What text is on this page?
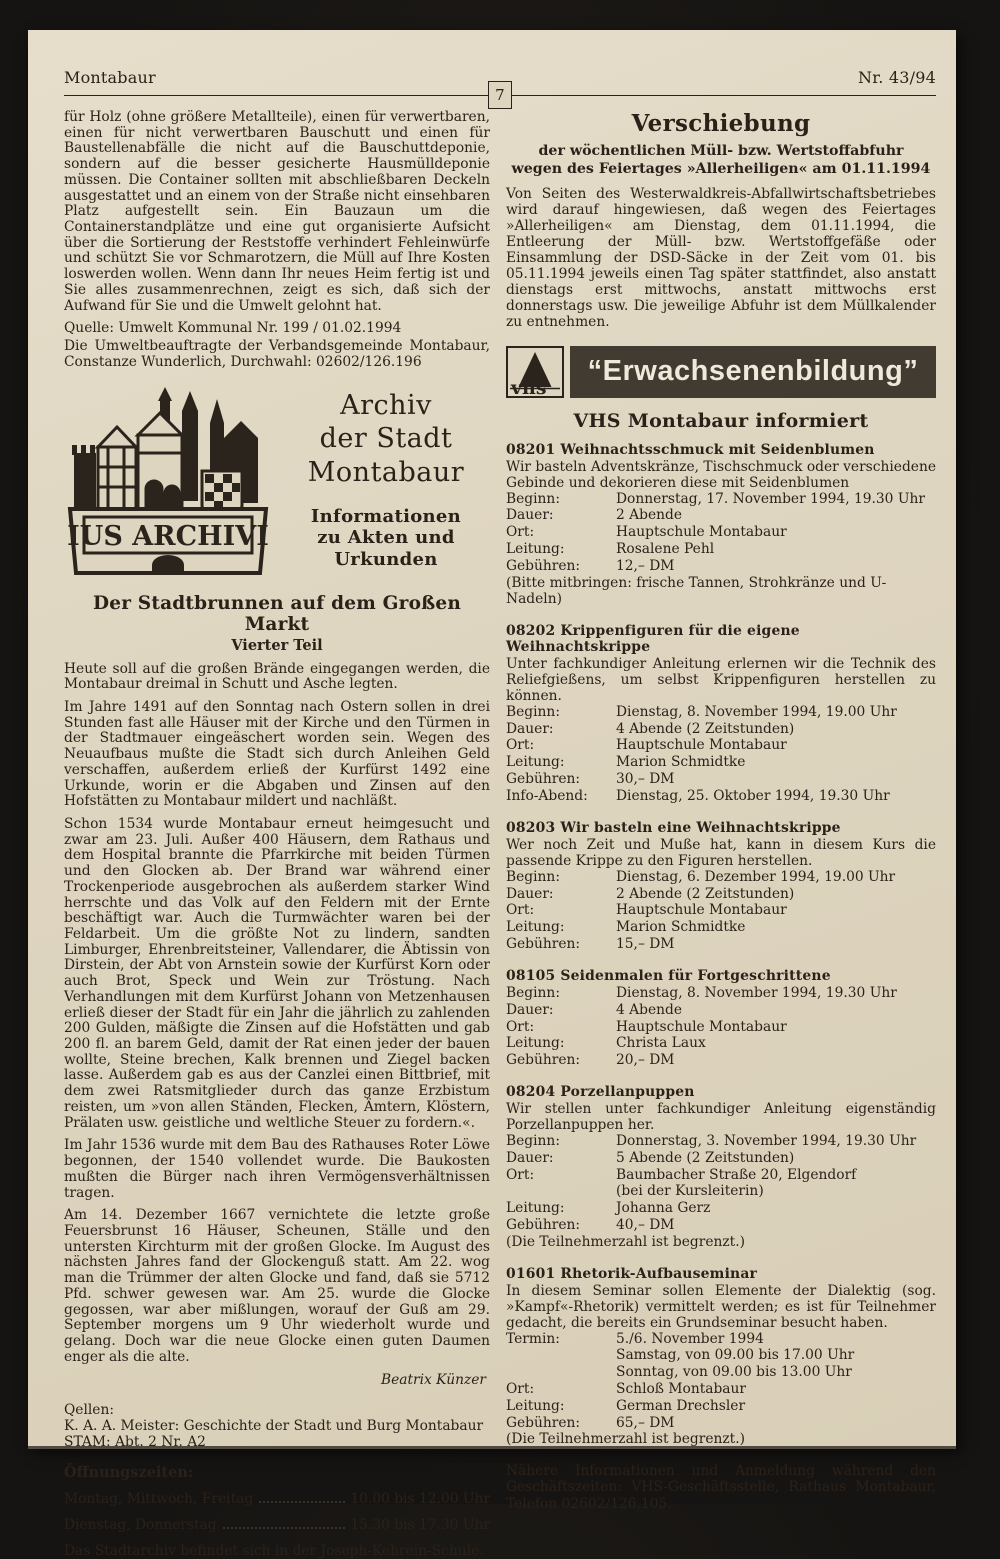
Montabaur	Nr. 43/94
7

für Holz (ohne größere Metallteile), einen für verwertbaren, einen für nicht verwertbaren Bauschutt und einen für Baustellenabfälle die nicht auf die Bauschuttdeponie, sondern auf die besser gesicherte Hausmülldeponie müssen. Die Container sollten mit abschließbaren Deckeln ausgestattet und an einem von der Straße nicht einsehbaren Platz aufgestellt sein. Ein Bauzaun um die Containerstandplätze und eine gut organisierte Aufsicht über die Sortierung der Reststoffe verhindert Fehleinwürfe und schützt Sie vor Schmarotzern, die Müll auf Ihre Kosten loswerden wollen. Wenn dann Ihr neues Heim fertig ist und Sie alles zusammenrechnen, zeigt es sich, daß sich der Aufwand für Sie und die Umwelt gelohnt hat.

Quelle: Umwelt Kommunal Nr. 199 / 01.02.1994

Die Umweltbeauftragte der Verbandsgemeinde Montabaur, Constanze Wunderlich, Durchwahl: 02602/126.196

IUS ARCHIVI
Archiv
der Stadt
Montabaur
Informationen
zu Akten und
Urkunden
Der Stadtbrunnen auf dem Großen Markt
Vierter Teil

Heute soll auf die großen Brände eingegangen werden, die Montabaur dreimal in Schutt und Asche legten.

Im Jahre 1491 auf den Sonntag nach Ostern sollen in drei Stunden fast alle Häuser mit der Kirche und den Türmen in der Stadtmauer eingeäschert worden sein. Wegen des Neuaufbaus mußte die Stadt sich durch Anleihen Geld verschaffen, außerdem erließ der Kurfürst 1492 eine Urkunde, worin er die Abgaben und Zinsen auf den Hofstätten zu Montabaur mildert und nachläßt.

Schon 1534 wurde Montabaur erneut heimgesucht und zwar am 23. Juli. Außer 400 Häusern, dem Rathaus und dem Hospital brannte die Pfarrkirche mit beiden Türmen und den Glocken ab. Der Brand war während einer Trockenperiode ausgebrochen als außerdem starker Wind herrschte und das Volk auf den Feldern mit der Ernte beschäftigt war. Auch die Turmwächter waren bei der Feldarbeit. Um die größte Not zu lindern, sandten Limburger, Ehrenbreitsteiner, Vallendarer, die Äbtissin von Dirstein, der Abt von Arnstein sowie der Kurfürst Korn oder auch Brot, Speck und Wein zur Tröstung. Nach Verhandlungen mit dem Kurfürst Johann von Metzenhausen erließ dieser der Stadt für ein Jahr die jährlich zu zahlenden 200 Gulden, mäßigte die Zinsen auf die Hofstätten und gab 200 fl. an barem Geld, damit der Rat einen jeder der bauen wollte, Steine brechen, Kalk brennen und Ziegel backen lasse. Außerdem gab es aus der Canzlei einen Bittbrief, mit dem zwei Ratsmitglieder durch das ganze Erzbistum reisten, um »von allen Ständen, Flecken, Ämtern, Klöstern, Prälaten usw. geistliche und weltliche Steuer zu fordern.«.

Im Jahr 1536 wurde mit dem Bau des Rathauses Roter Löwe begonnen, der 1540 vollendet wurde. Die Baukosten mußten die Bürger nach ihren Vermögensverhältnissen tragen.

Am 14. Dezember 1667 vernichtete die letzte große Feuersbrunst 16 Häuser, Scheunen, Ställe und den untersten Kirchturm mit der großen Glocke. Im August des nächsten Jahres fand der Glockenguß statt. Am 22. wog man die Trümmer der alten Glocke und fand, daß sie 5712 Pfd. schwer gewesen war. Am 25. wurde die Glocke gegossen, war aber mißlungen, worauf der Guß am 29. September morgens um 9 Uhr wiederholt wurde und gelang. Doch war die neue Glocke einen guten Daumen enger als die alte.

Beatrix Künzer
Qellen:
K. A. A. Meister: Geschichte der Stadt und Burg Montabaur
STAM: Abt. 2 Nr. A2
Öffnungszeiten:
Montag, Mittwoch, Freitag	10.00 bis 12.00 Uhr
Dienstag, Donnerstag	15.30 bis 17.30 Uhr
Das Stadtarchiv befindet sich in der Joseph-Kehrein-Schule.
Verschiebung
der wöchentlichen Müll- bzw. Wertstoffabfuhr
wegen des Feiertages »Allerheiligen« am 01.11.1994

Von Seiten des Westerwaldkreis-Abfallwirtschaftsbetriebes wird darauf hingewiesen, daß wegen des Feiertages »Allerheiligen« am Dienstag, dem 01.11.1994, die Entleerung der Müll- bzw. Wertstoffgefäße oder Einsammlung der DSD-Säcke in der Zeit vom 01. bis 05.11.1994 jeweils einen Tag später stattfindet, also anstatt dienstags erst mittwochs, anstatt mittwochs erst donnerstags usw. Die jeweilige Abfuhr ist dem Müllkalender zu entnehmen.

vhs
“Erwachsenenbildung”
VHS Montabaur informiert
08201 Weihnachtsschmuck mit Seidenblumen
Wir basteln Adventskränze, Tischschmuck oder verschiedene Gebinde und dekorieren diese mit Seidenblumen
Beginn:	Donnerstag, 17. November 1994, 19.30 Uhr
Dauer:	2 Abende
Ort:	Hauptschule Montabaur
Leitung:	Rosalene Pehl
Gebühren:	12,– DM
(Bitte mitbringen: frische Tannen, Strohkränze und U-Nadeln)
08202 Krippenfiguren für die eigene Weihnachtskrippe
Unter fachkundiger Anleitung erlernen wir die Technik des Reliefgießens, um selbst Krippenfiguren herstellen zu können.
Beginn:	Dienstag, 8. November 1994, 19.00 Uhr
Dauer:	4 Abende (2 Zeitstunden)
Ort:	Hauptschule Montabaur
Leitung:	Marion Schmidtke
Gebühren:	30,– DM
Info-Abend:	Dienstag, 25. Oktober 1994, 19.30 Uhr
08203 Wir basteln eine Weihnachtskrippe
Wer noch Zeit und Muße hat, kann in diesem Kurs die passende Krippe zu den Figuren herstellen.
Beginn:	Dienstag, 6. Dezember 1994, 19.00 Uhr
Dauer:	2 Abende (2 Zeitstunden)
Ort:	Hauptschule Montabaur
Leitung:	Marion Schmidtke
Gebühren:	15,– DM
08105 Seidenmalen für Fortgeschrittene
Beginn:	Dienstag, 8. November 1994, 19.30 Uhr
Dauer:	4 Abende
Ort:	Hauptschule Montabaur
Leitung:	Christa Laux
Gebühren:	20,– DM
08204 Porzellanpuppen
Wir stellen unter fachkundiger Anleitung eigenständig Porzellanpuppen her.
Beginn:	Donnerstag, 3. November 1994, 19.30 Uhr
Dauer:	5 Abende (2 Zeitstunden)
Ort:	Baumbacher Straße 20, Elgendorf
(bei der Kursleiterin)
Leitung:	Johanna Gerz
Gebühren:	40,– DM
(Die Teilnehmerzahl ist begrenzt.)
01601 Rhetorik-Aufbauseminar
In diesem Seminar sollen Elemente der Dialektig (sog. »Kampf«-Rhetorik) vermittelt werden; es ist für Teilnehmer gedacht, die bereits ein Grundseminar besucht haben.
Termin:	5./6. November 1994
Samstag, von 09.00 bis 17.00 Uhr
Sonntag, von 09.00 bis 13.00 Uhr
Ort:	Schloß Montabaur
Leitung:	German Drechsler
Gebühren:	65,– DM
(Die Teilnehmerzahl ist begrenzt.)

Nähere Informationen und Anmeldung während den Geschäftszeiten: VHS-Geschäftsstelle, Rathaus Montabaur, Telefon 02602/126.105.
